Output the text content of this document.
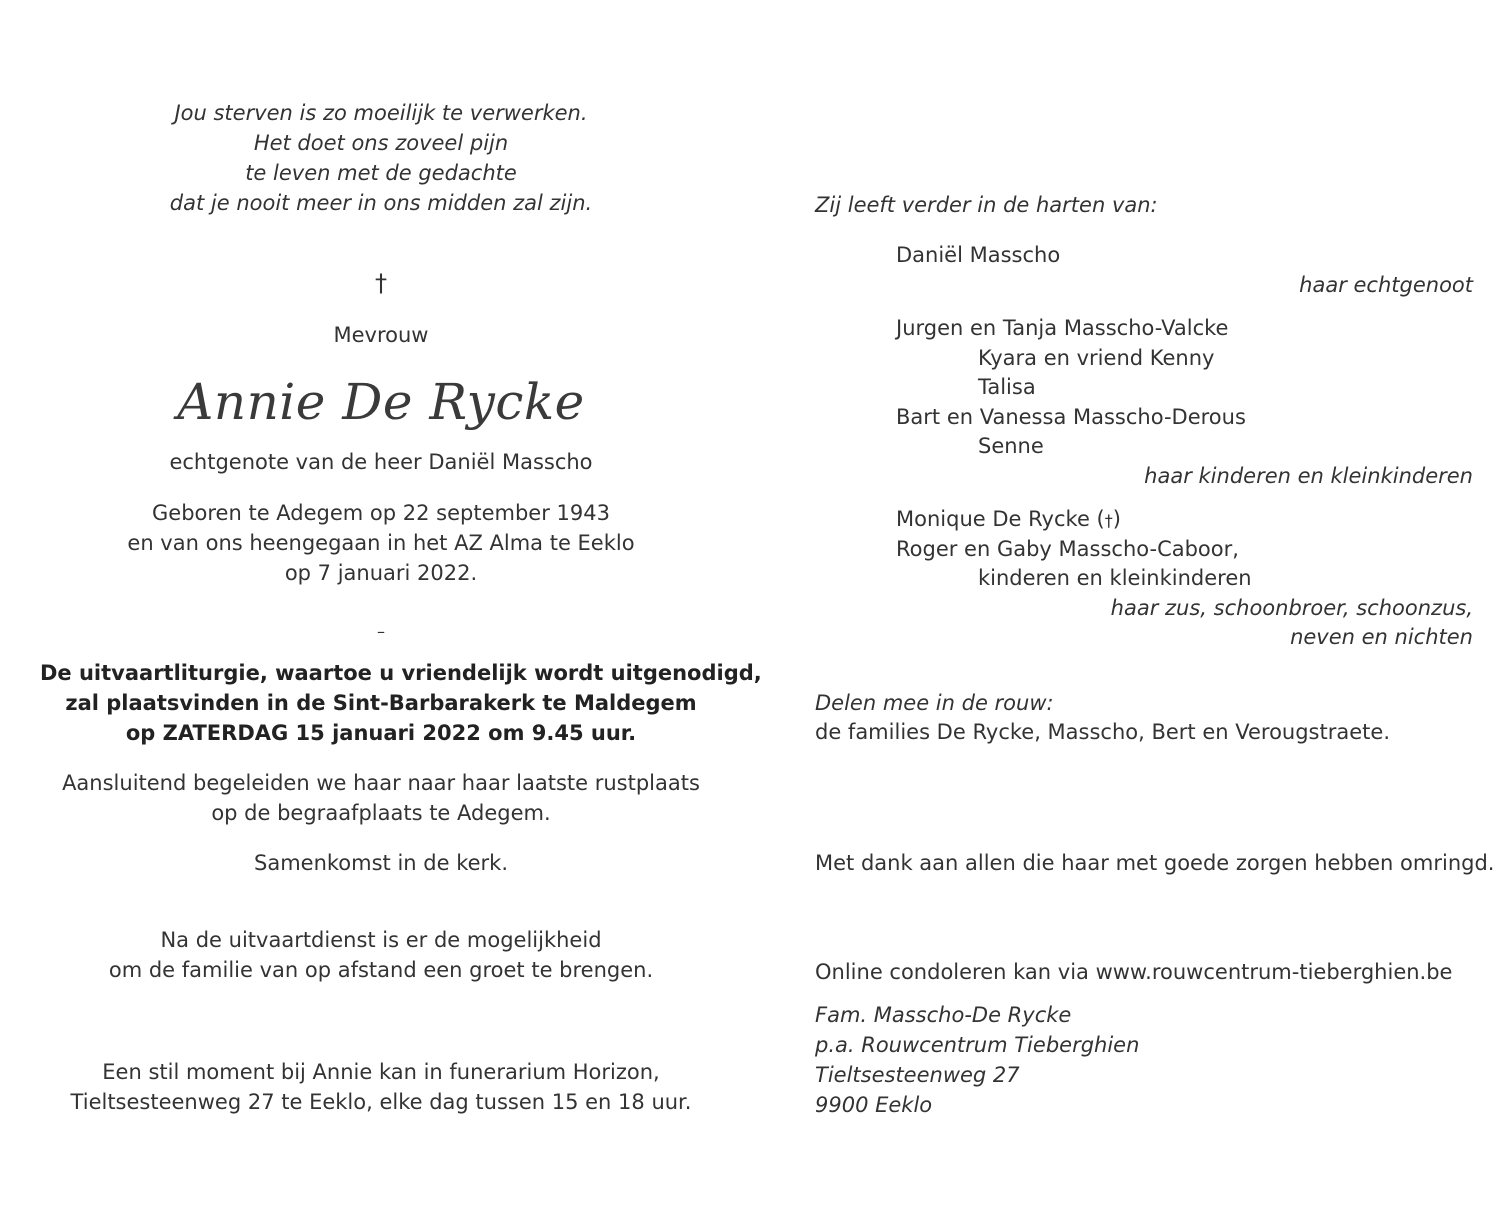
Jou sterven is zo moeilijk te verwerken.
Het doet ons zoveel pijn
te leven met de gedachte
dat je nooit meer in ons midden zal zijn.
†
Mevrouw
Annie De Rycke
echtgenote van de heer Daniël Masscho
Geboren te Adegem op 22 september 1943
en van ons heengegaan in het AZ Alma te Eeklo
op 7 januari 2022.
–
De uitvaartliturgie, waartoe u vriendelijk wordt uitgenodigd,
zal plaatsvinden in de Sint-Barbarakerk te Maldegem
op ZATERDAG 15 januari 2022 om 9.45 uur.
Aansluitend begeleiden we haar naar haar laatste rustplaats
op de begraafplaats te Adegem.
Samenkomst in de kerk.
Na de uitvaartdienst is er de mogelijkheid
om de familie van op afstand een groet te brengen.
Een stil moment bij Annie kan in funerarium Horizon,
Tieltsesteenweg 27 te Eeklo, elke dag tussen 15 en 18 uur.
Zij leeft verder in de harten van:
Daniël Masscho
haar echtgenoot
Jurgen en Tanja Masscho-Valcke
Kyara en vriend Kenny
Talisa
Bart en Vanessa Masscho-Derous
Senne
haar kinderen en kleinkinderen
Monique De Rycke (†)
Roger en Gaby Masscho-Caboor,
kinderen en kleinkinderen
haar zus, schoonbroer, schoonzus,
neven en nichten
Delen mee in de rouw:
de families De Rycke, Masscho, Bert en Verougstraete.
Met dank aan allen die haar met goede zorgen hebben omringd.
Online condoleren kan via www.rouwcentrum-tieberghien.be
Fam. Masscho-De Rycke
p.a. Rouwcentrum Tieberghien
Tieltsesteenweg 27
9900 Eeklo
